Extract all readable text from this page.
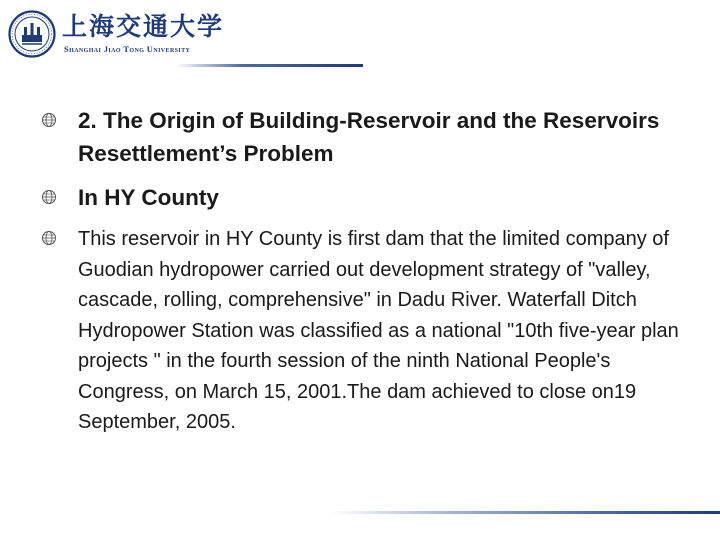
上海交通大学
Shanghai Jiao Tong University
2. The Origin of Building-Reservoir and the Reservoirs Resettlement’s Problem
In HY County
This reservoir in HY County is first dam that the limited company of Guodian hydropower carried out development strategy of "valley, cascade, rolling, comprehensive" in Dadu River. Waterfall Ditch Hydropower Station was classified as a national "10th five-year plan projects " in the fourth session of the ninth National People's Congress, on March 15, 2001.The dam achieved to close on19 September, 2005.
